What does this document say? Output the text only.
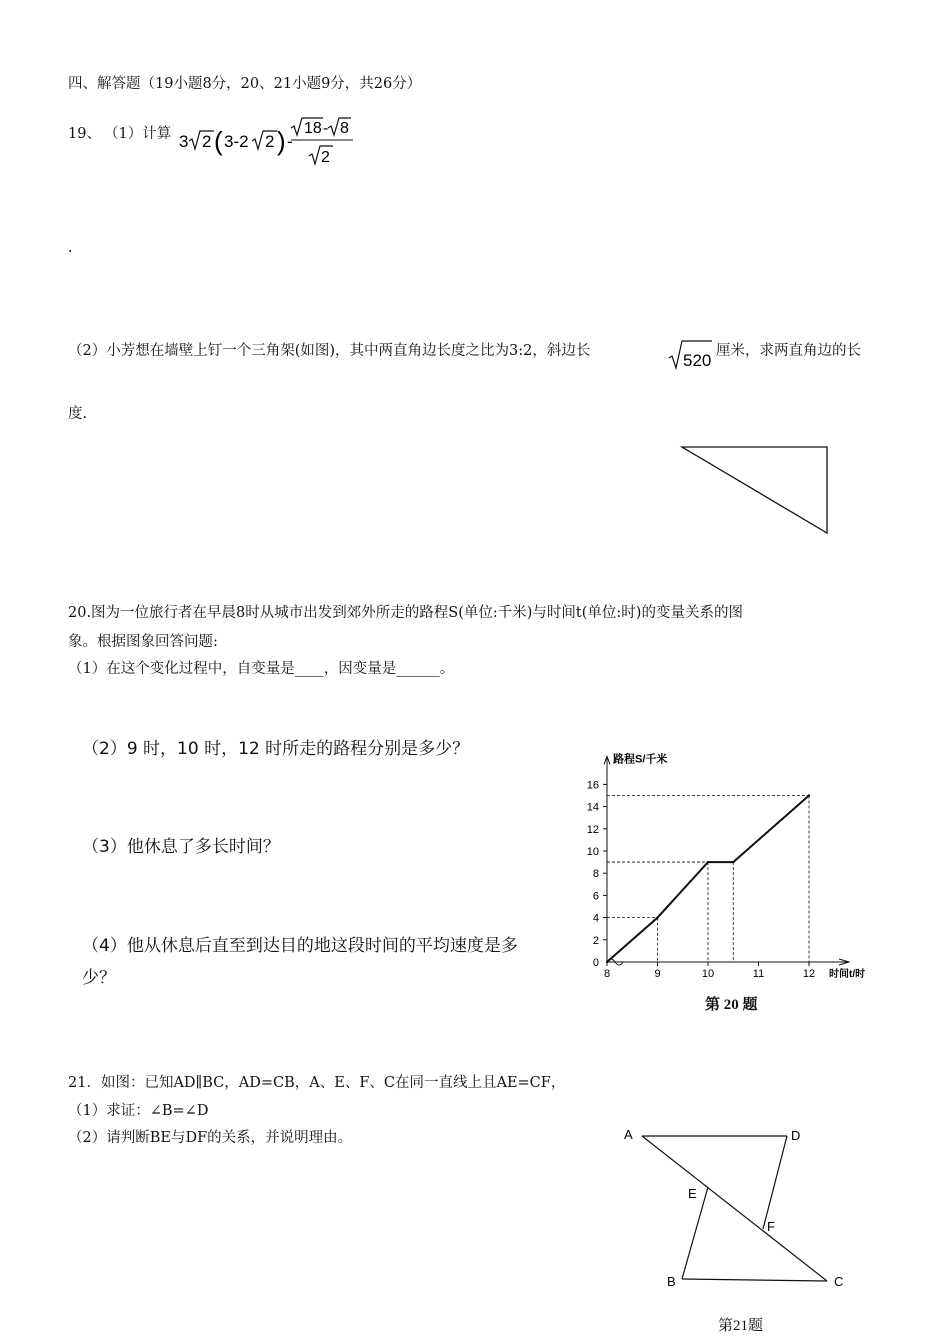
四、解答题（19小题8分，20、21小题9分，共26分）
19、 （1）计算 3 2 ( 3-2 2 ) -
18 - 8
2
.
（2）小芳想在墙壁上钉一个三角架(如图)，其中两直角边长度之比为3:2，斜边长	520 厘米，求两直角边的长
度.
20.图为一位旅行者在早晨8时从城市出发到郊外所走的路程S(单位:千米)与时间t(单位:时)的变量关系的图
象。根据图象回答问题:
（1）在这个变化过程中，自变量是____，因变量是______。
（2）9 时，10 时，12 时所走的路程分别是多少？
（3）他休息了多长时间？
（4）他从休息后直至到达目的地这段时间的平均速度是多
少？
0
2
4
6
8
10
12
14
16
8	9	10	11	12
路程S/千米
时间t/时
第 20 题
21．如图：已知AD∥BC，AD=CB，A、E、F、C在同一直线上且AE=CF，
（1）求证：∠B=∠D
（2）请判断BE与DF的关系，并说明理由。	A	D
E
F
B	C
第21题
